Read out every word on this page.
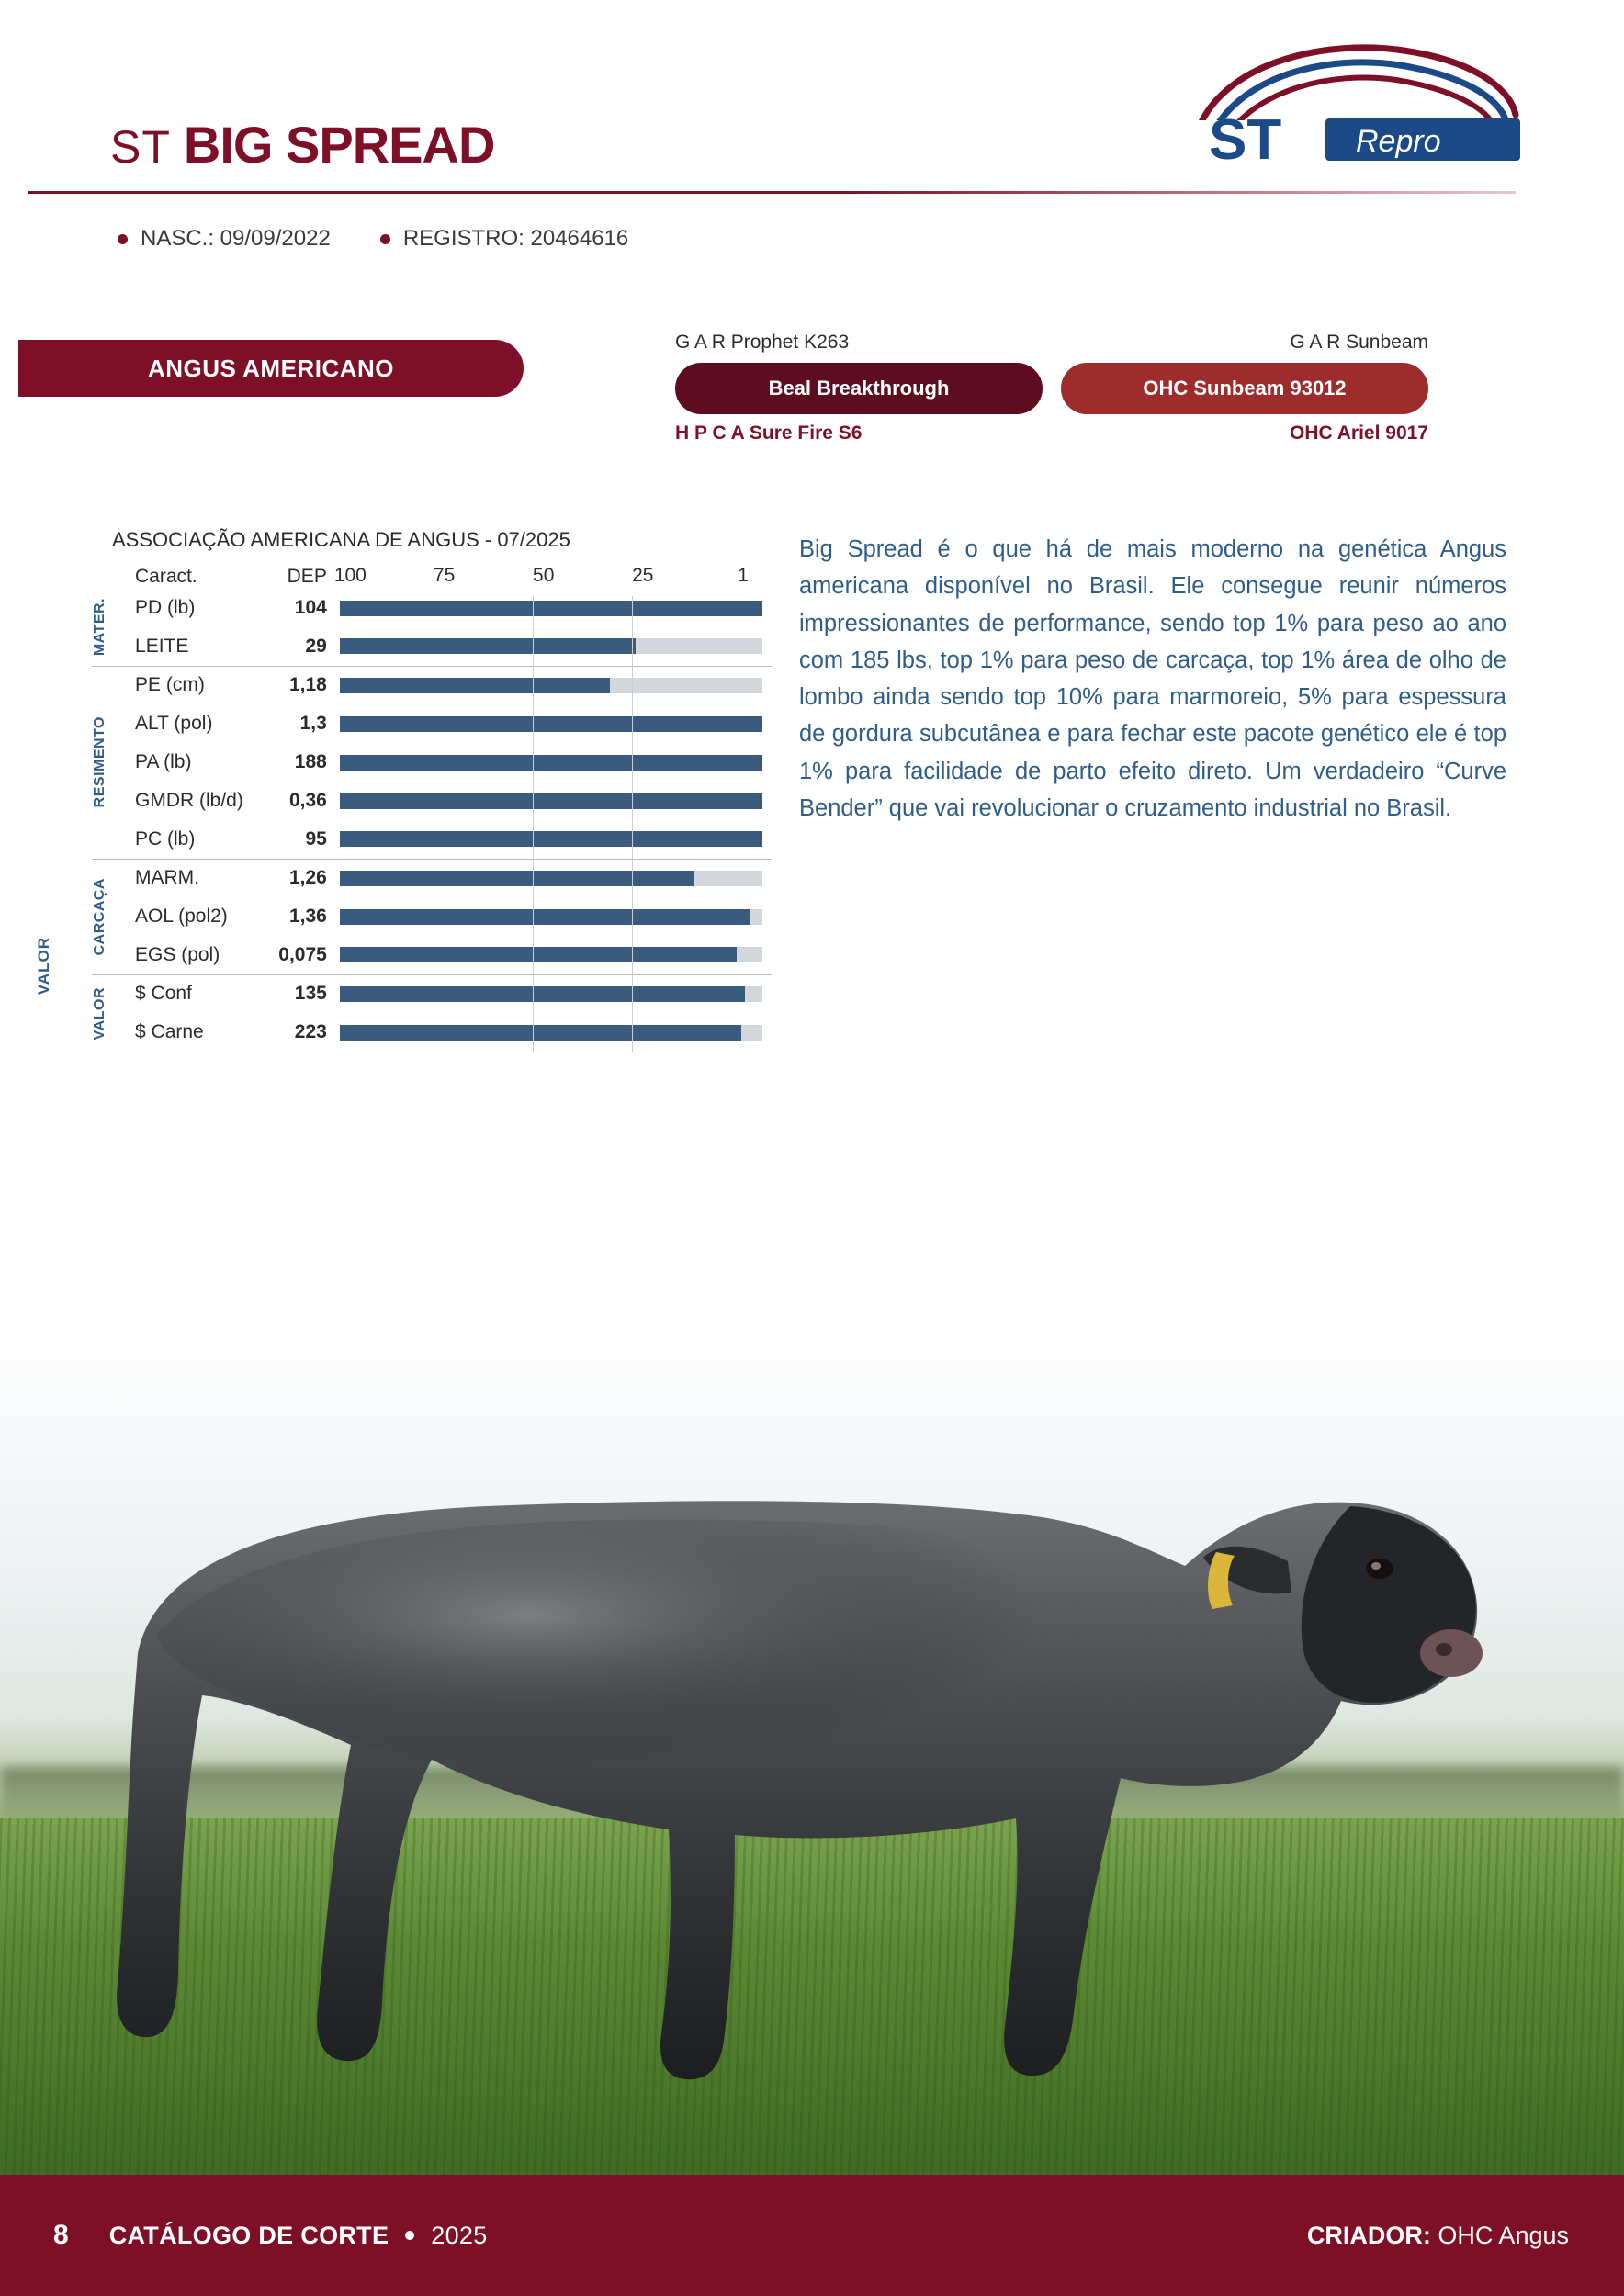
ST BIG SPREAD
NASC.: 09/09/2022	REGISTRO: 20464616
ST Repro
ANGUS AMERICANO
G A R Prophet K263
Beal Breakthrough
H P C A Sure Fire S6
G A R Sunbeam
OHC Sunbeam 93012
OHC Ariel 9017
ASSOCIAÇÃO AMERICANA DE ANGUS - 07/2025
	Caract.	DEP	100 75 50 25 1

MATER.	PD (lb)	104	

	LEITE	29	

RESIMENTO	PE (cm)	1,18	

	ALT (pol)	1,3	

	PA (lb)	188	

	GMDR (lb/d)	0,36	

	PC (lb)	95	

CARCAÇA	MARM.	1,26	

	AOL (pol2)	1,36	

	EGS (pol)	0,075	

VALOR	$ Conf	135	

	$ Carne	223	
VALOR
Big Spread é o que há de mais moderno na genética Angus americana disponível no Brasil. Ele consegue reunir números impressionantes de performance, sendo top 1% para peso ao ano com 185 lbs, top 1% para peso de carcaça, top 1% área de olho de lombo ainda sendo top 10% para marmoreio, 5% para espessura de gordura subcutânea e para fechar este pacote genético ele é top 1% para facilidade de parto efeito direto. Um verdadeiro “Curve Bender” que vai revolucionar o cruzamento industrial no Brasil.
8 CATÁLOGO DE CORTE 2025	CRIADOR: OHC Angus
